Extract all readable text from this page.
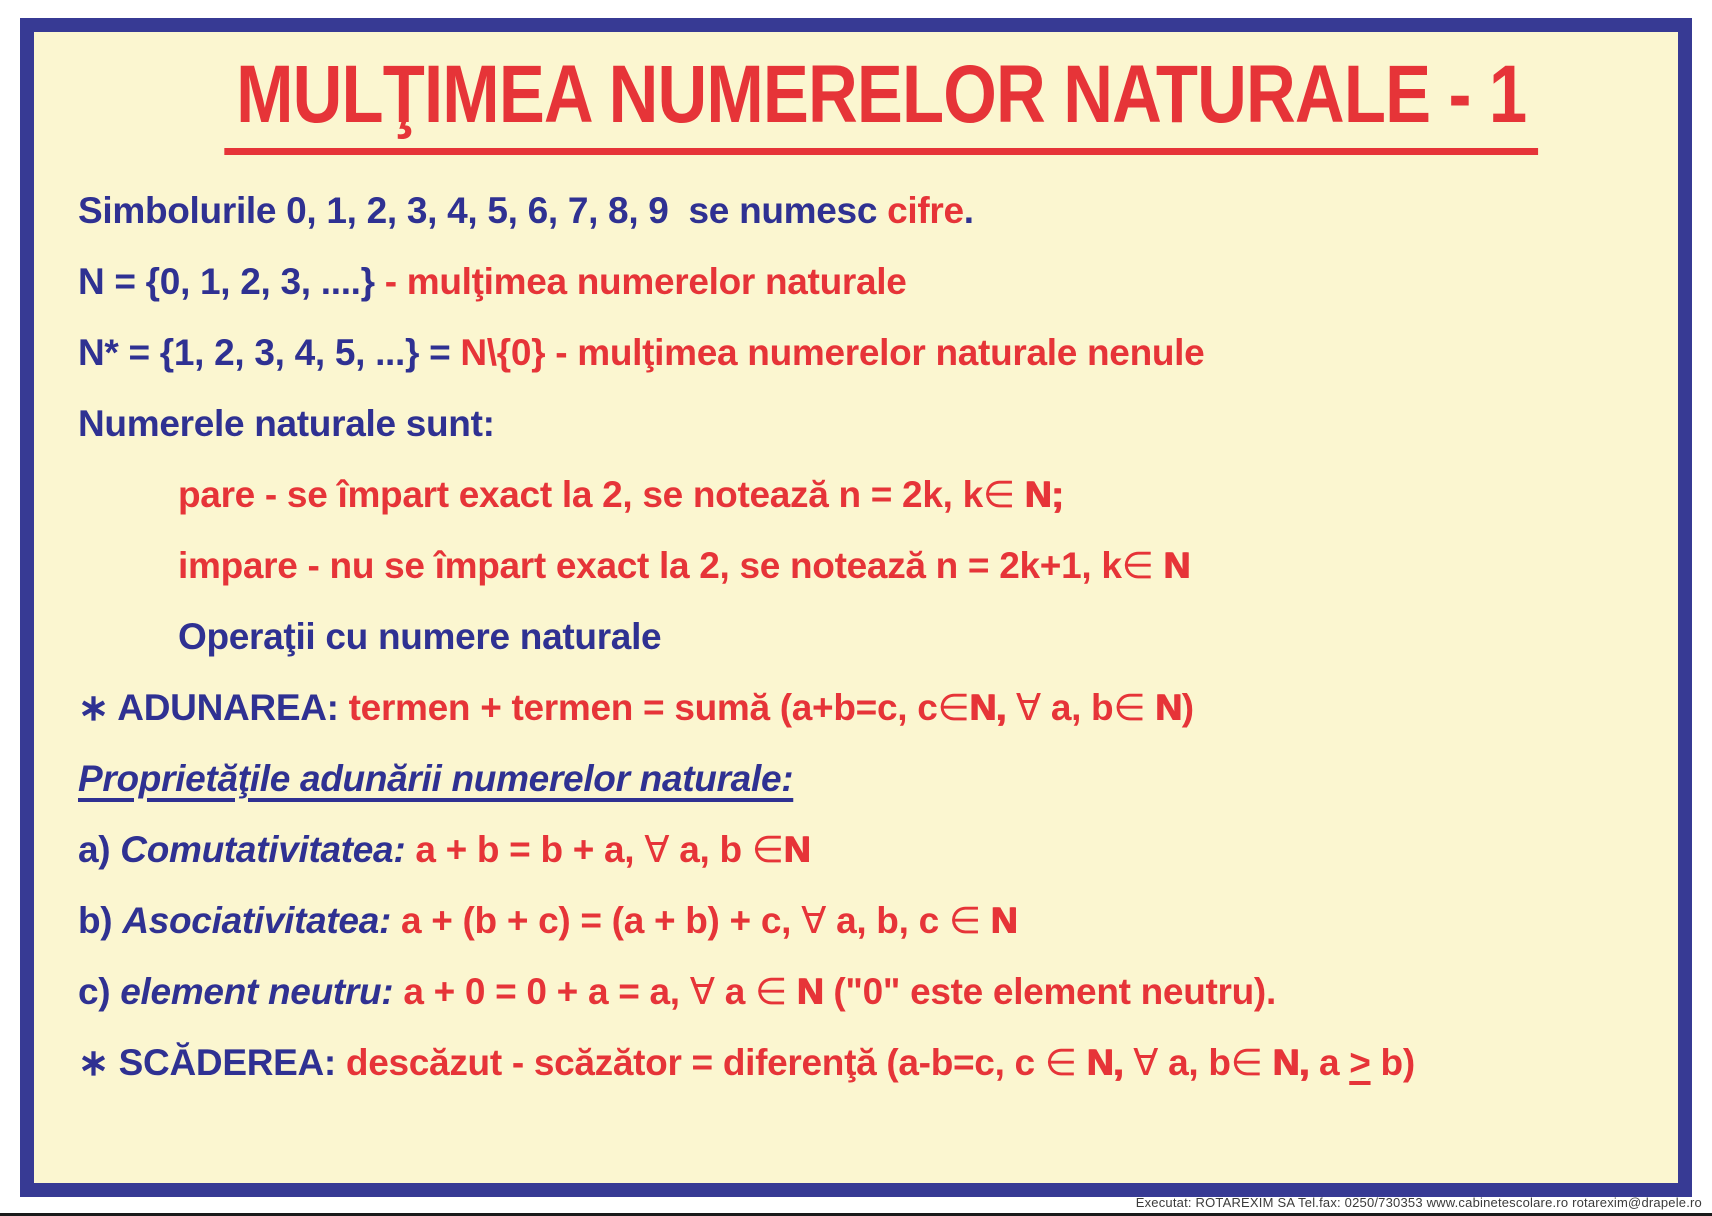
MULŢIMEA NUMERELOR NATURALE - 1
Simbolurile 0, 1, 2, 3, 4, 5, 6, 7, 8, 9  se numesc cifre.
N = {0, 1, 2, 3, ....} - mulţimea numerelor naturale
N* = {1, 2, 3, 4, 5, ...} = N\{0} - mulţimea numerelor naturale nenule
Numerele naturale sunt:
pare - se împart exact la 2, se notează n = 2k, k∈ N;
impare - nu se împart exact la 2, se notează n = 2k+1, k∈ N
Operaţii cu numere naturale
∗ ADUNAREA: termen + termen = sumă (a+b=c, c∈N, ∀ a, b∈ N)
Proprietăţile adunării numerelor naturale:
a) Comutativitatea: a + b = b + a, ∀ a, b ∈N
b) Asociativitatea: a + (b + c) = (a + b) + c, ∀ a, b, c ∈ N
c) element neutru: a + 0 = 0 + a = a, ∀ a ∈ N ("0" este element neutru).
∗ SCĂDEREA: descăzut - scăzător = diferenţă (a-b=c, c ∈ N, ∀ a, b∈ N, a > b)
Executat: ROTAREXIM SA Tel.fax: 0250/730353 www.cabinetescolare.ro rotarexim@drapele.ro
